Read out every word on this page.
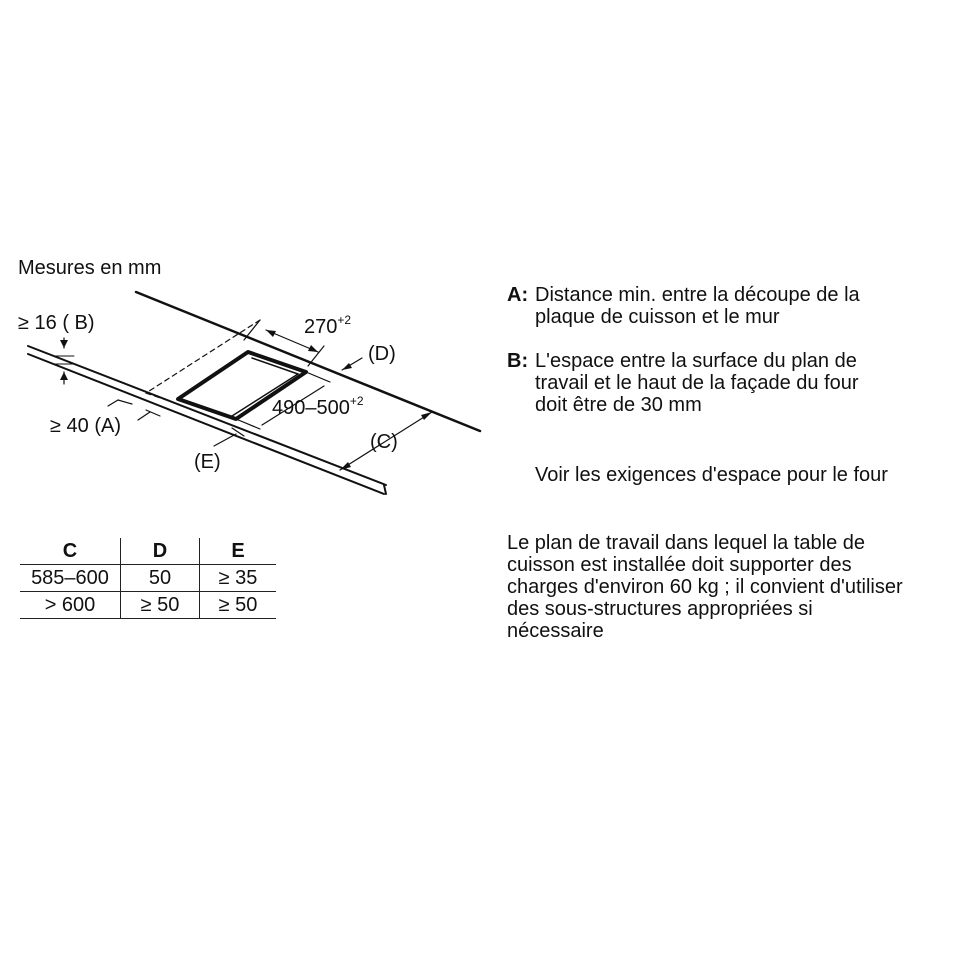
Mesures en mm
≥ 16 ( B)
≥ 40 (A)
(E)
(D)
(C)
$270^{+2}$
$490-500^{+2}$
A: Distance min. entre la découpe de la
plaque de cuisson et le mur
B: L'espace entre la surface du plan de
travail et le haut de la façade du four
doit être de 30 mm
Voir les exigences d'espace pour le four
Le plan de travail dans lequel la table de
cuisson est installée doit supporter des
charges d'environ 60 kg ; il convient d'utiliser
des sous-structures appropriées si
nécessaire
C	D	E
585–600	50	≥ 35
> 600	≥ 50	≥ 50
